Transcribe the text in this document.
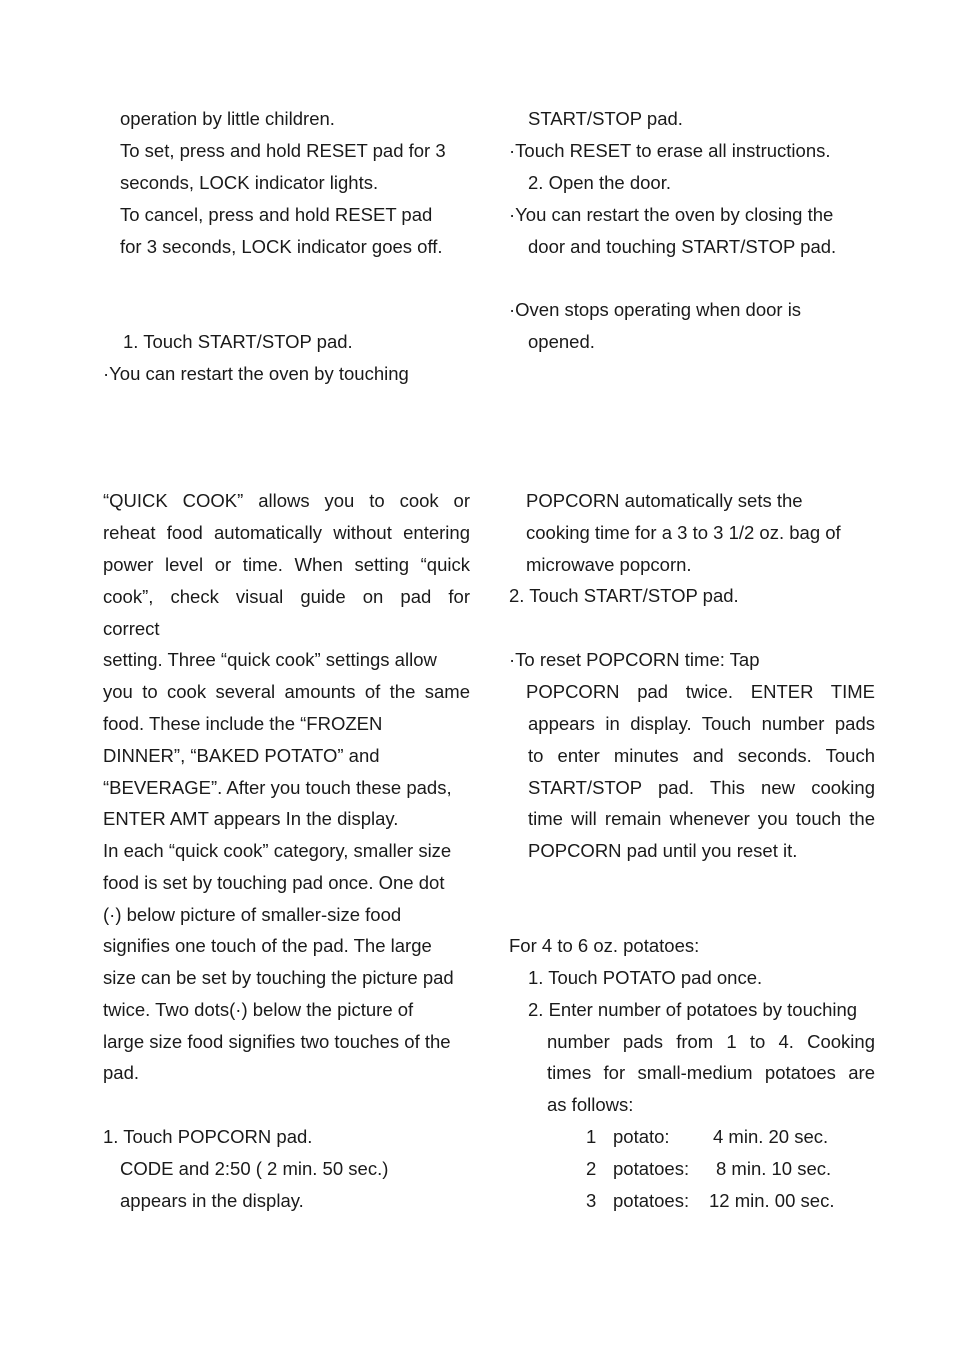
operation by little children.
To set, press and hold RESET pad for 3
seconds, LOCK indicator lights.
To cancel, press and hold RESET pad
for 3 seconds, LOCK indicator goes off.
1. Touch START/STOP pad.
·You can restart the oven by touching
START/STOP pad.
·Touch RESET to erase all instructions.
2. Open the door.
·You can restart the oven by closing the
door and touching START/STOP pad.
·Oven stops operating when door is
opened.
“QUICK COOK” allows you to cook or
reheat food automatically without entering
power level or time. When setting “quick
cook”, check visual guide on pad for
correct
setting. Three “quick cook” settings allow
you to cook several amounts of the same
food. These include the “FROZEN
DINNER”, “BAKED POTATO” and
“BEVERAGE”. After you touch these pads,
ENTER AMT appears In the display.
In each “quick cook” category, smaller size
food is set by touching pad once. One dot
(·) below picture of smaller-size food
signifies one touch of the pad. The large
size can be set by touching the picture pad
twice. Two dots(·) below the picture of
large size food signifies two touches of the
pad.
1. Touch POPCORN pad.
CODE and 2:50 ( 2 min. 50 sec.)
appears in the display.
POPCORN automatically sets the
cooking time for a 3 to 3 1/2 oz. bag of
microwave popcorn.
2. Touch START/STOP pad.
·To reset POPCORN time: Tap
POPCORN pad twice. ENTER TIME
appears in display. Touch number pads
to enter minutes and seconds. Touch
START/STOP pad. This new cooking
time will remain whenever you touch the
POPCORN pad until you reset it.
For 4 to 6 oz. potatoes:
1. Touch POTATO pad once.
2. Enter number of potatoes by touching
number pads from 1 to 4. Cooking
times for small-medium potatoes are
as follows:
1 potato: 4 min. 20 sec.
2 potatoes: 8 min. 10 sec.
3 potatoes: 12 min. 00 sec.
